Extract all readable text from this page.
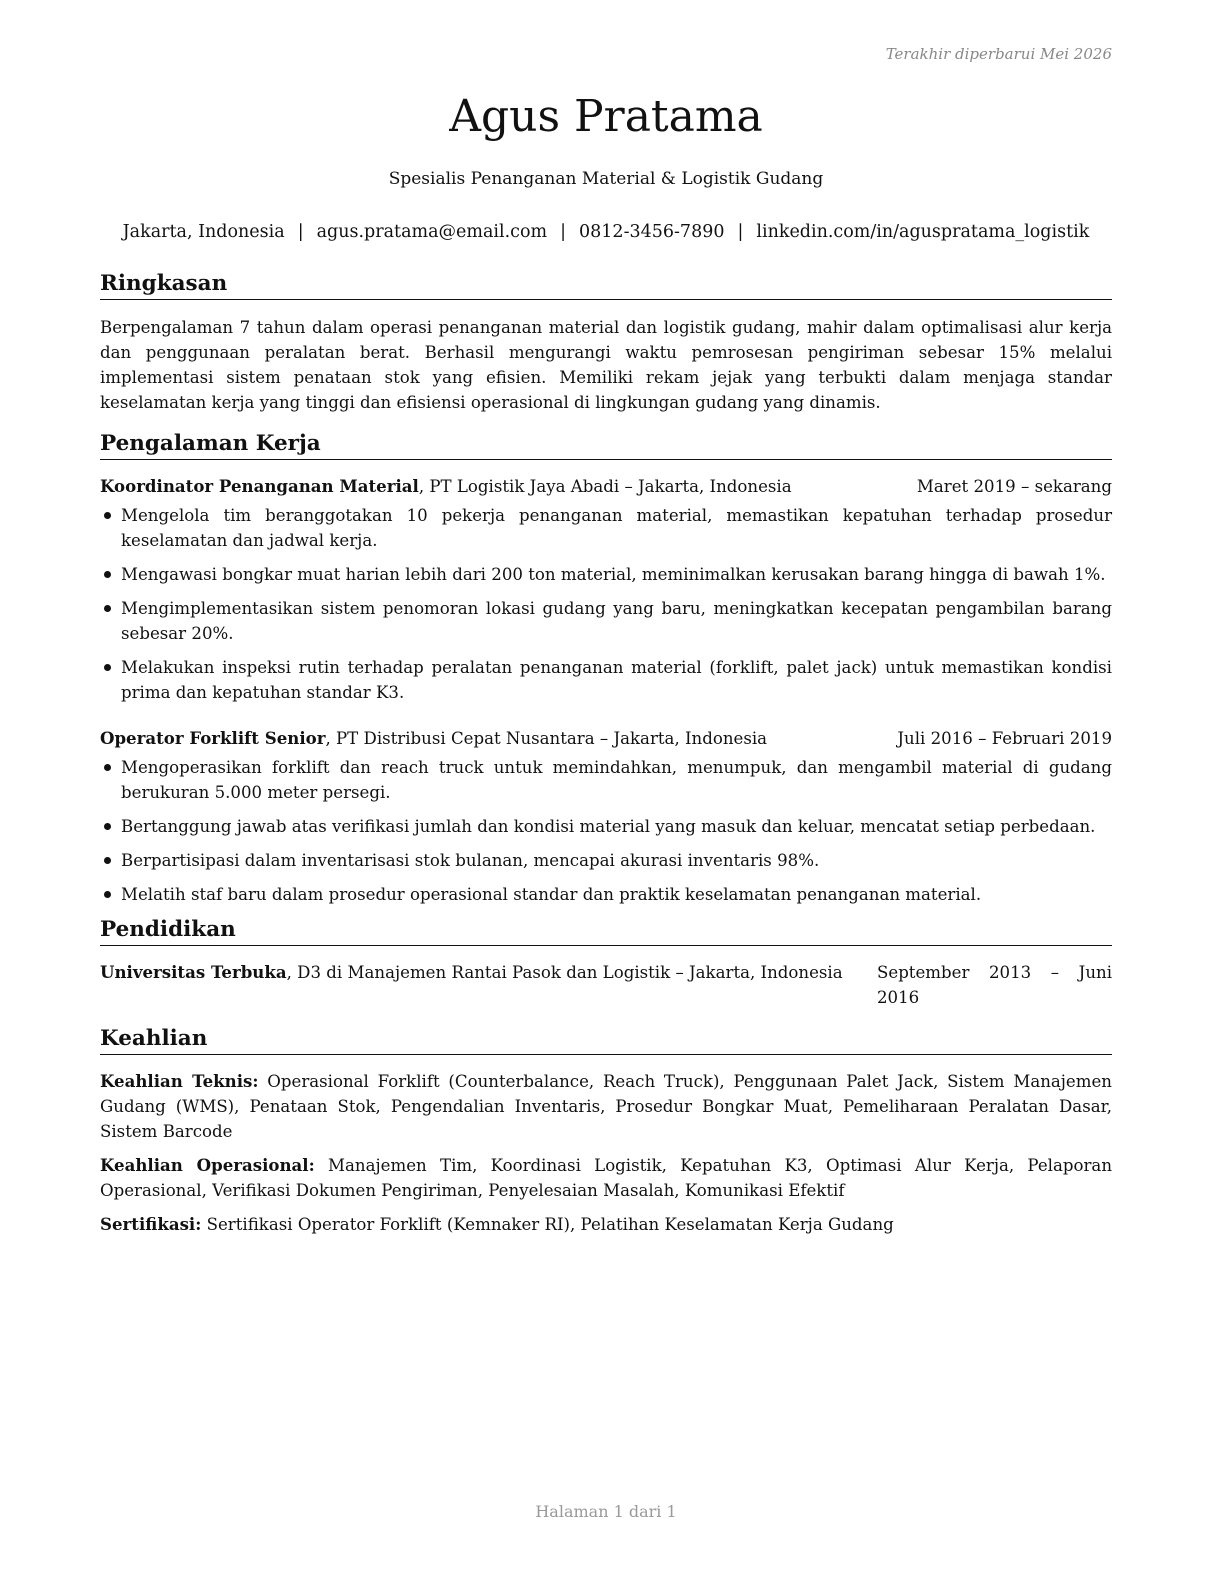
Terakhir diperbarui Mei 2026
Agus Pratama
Spesialis Penanganan Material & Logistik Gudang
Jakarta, Indonesia | agus.pratama@email.com | 0812-3456-7890 | linkedin.com/in/aguspratama_logistik
Ringkasan
Berpengalaman 7 tahun dalam operasi penanganan material dan logistik gudang, mahir dalam optimalisasi alur kerja dan penggunaan peralatan berat. Berhasil mengurangi waktu pemrosesan pengiriman sebesar 15% melalui implementasi sistem penataan stok yang efisien. Memiliki rekam jejak yang terbukti dalam menjaga standar keselamatan kerja yang tinggi dan efisiensi operasional di lingkungan gudang yang dinamis.
Pengalaman Kerja
Koordinator Penanganan Material, PT Logistik Jaya Abadi – Jakarta, Indonesia	Maret 2019 – sekarang
Mengelola tim beranggotakan 10 pekerja penanganan material, memastikan kepatuhan terhadap prosedur keselamatan dan jadwal kerja.
Mengawasi bongkar muat harian lebih dari 200 ton material, meminimalkan kerusakan barang hingga di bawah 1%.
Mengimplementasikan sistem penomoran lokasi gudang yang baru, meningkatkan kecepatan pengambilan barang sebesar 20%.
Melakukan inspeksi rutin terhadap peralatan penanganan material (forklift, palet jack) untuk memastikan kondisi prima dan kepatuhan standar K3.
Operator Forklift Senior, PT Distribusi Cepat Nusantara – Jakarta, Indonesia	Juli 2016 – Februari 2019
Mengoperasikan forklift dan reach truck untuk memindahkan, menumpuk, dan mengambil material di gudang berukuran 5.000 meter persegi.
Bertanggung jawab atas verifikasi jumlah dan kondisi material yang masuk dan keluar, mencatat setiap perbedaan.
Berpartisipasi dalam inventarisasi stok bulanan, mencapai akurasi inventaris 98%.
Melatih staf baru dalam prosedur operasional standar dan praktik keselamatan penanganan material.
Pendidikan
Universitas Terbuka, D3 di Manajemen Rantai Pasok dan Logistik – Jakarta, Indonesia September 2013 – Juni 2016
Keahlian
Keahlian Teknis: Operasional Forklift (Counterbalance, Reach Truck), Penggunaan Palet Jack, Sistem Manajemen Gudang (WMS), Penataan Stok, Pengendalian Inventaris, Prosedur Bongkar Muat, Pemeliharaan Peralatan Dasar, Sistem Barcode
Keahlian Operasional: Manajemen Tim, Koordinasi Logistik, Kepatuhan K3, Optimasi Alur Kerja, Pelaporan Operasional, Verifikasi Dokumen Pengiriman, Penyelesaian Masalah, Komunikasi Efektif
Sertifikasi: Sertifikasi Operator Forklift (Kemnaker RI), Pelatihan Keselamatan Kerja Gudang
Halaman 1 dari 1
